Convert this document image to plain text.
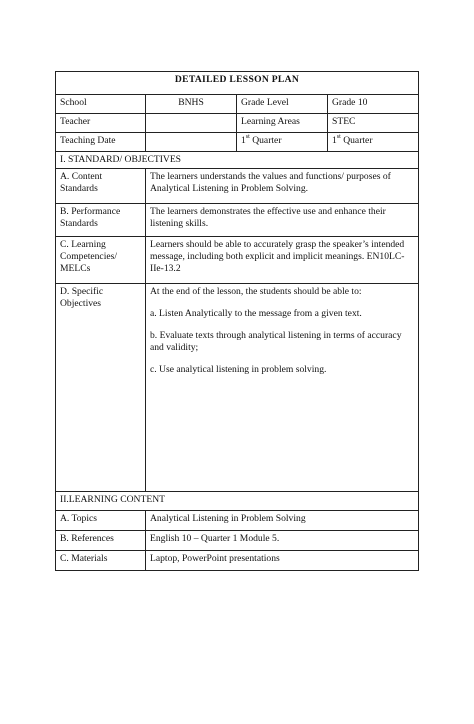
DETAILED LESSON PLAN			
School	BNHS	Grade Level	Grade 10
Teacher		Learning Areas	STEC
Teaching Date		1st Quarter	1st Quarter
I. STANDARD/ OBJECTIVES			
A. Content Standards	The learners understands the values and functions/ purposes of Analytical Listening in Problem Solving.		
B. Performance Standards	The learners demonstrates the effective use and enhance their listening skills.		
C. Learning Competencies/ MELCs	Learners should be able to accurately grasp the speaker’s intended message, including both explicit and implicit meanings. EN10LC-IIe-13.2		
D. Specific Objectives	At the end of the lesson, the students should be able to:

a. Listen Analytically to the message from a given text.

b. Evaluate texts through analytical listening in terms of accuracy and validity;

c. Use analytical listening in problem solving.		

II.LEARNING CONTENT			
A. Topics	Analytical Listening in Problem Solving		
B. References	English 10 – Quarter 1 Module 5.		
C. Materials	Laptop, PowerPoint presentations		
